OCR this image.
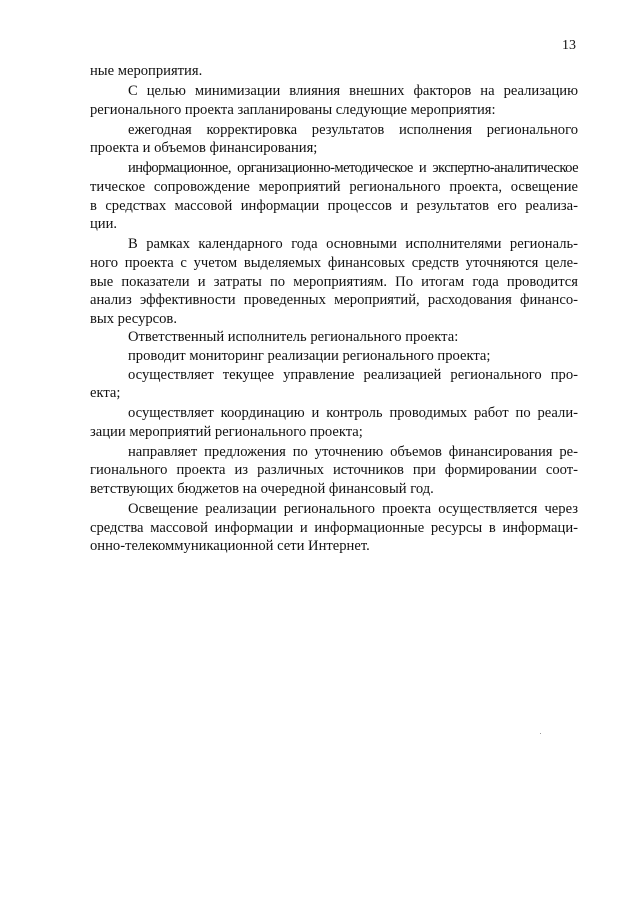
13
ные мероприятия.
С целью минимизации влияния внешних факторов на реализацию
регионального проекта запланированы следующие мероприятия:
ежегодная корректировка результатов исполнения регионального
проекта и объемов финансирования;
информационное, организационно-методическое и экспертно-аналитическое
тическое сопровождение мероприятий регионального проекта, освещение
в средствах массовой информации процессов и результатов его реализа-
ции.
В рамках календарного года основными исполнителями региональ-
ного проекта с учетом выделяемых финансовых средств уточняются целе-
вые показатели и затраты по мероприятиям. По итогам года проводится
анализ эффективности проведенных мероприятий, расходования финансо-
вых ресурсов.
Ответственный исполнитель регионального проекта:
проводит мониторинг реализации регионального проекта;
осуществляет текущее управление реализацией регионального про-
екта;
осуществляет координацию и контроль проводимых работ по реали-
зации мероприятий регионального проекта;
направляет предложения по уточнению объемов финансирования ре-
гионального проекта из различных источников при формировании соот-
ветствующих бюджетов на очередной финансовый год.
Освещение реализации регионального проекта осуществляется через
средства массовой информации и информационные ресурсы в информаци-
онно-телекоммуникационной сети Интернет.
